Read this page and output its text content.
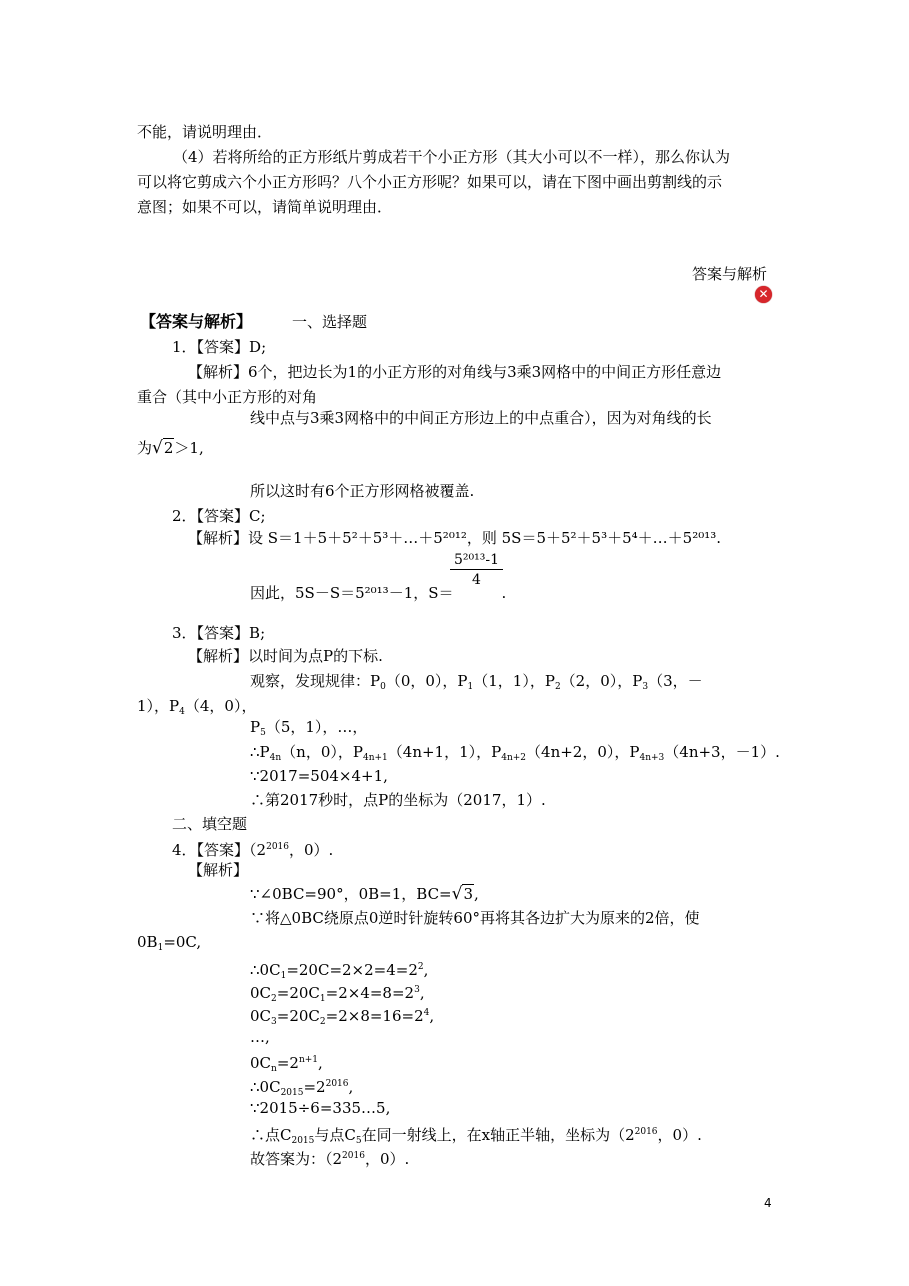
不能，请说明理由．
（4）若将所给的正方形纸片剪成若干个小正方形（其大小可以不一样），那么你认为
可以将它剪成六个小正方形吗？八个小正方形呢？如果可以，请在下图中画出剪割线的示
意图；如果不可以，请简单说明理由．
答案与解析
✕
【答案与解析】	一、选择题
1．【答案】D;
【解析】6个，把边长为1的小正方形的对角线与3乘3网格中的中间正方形任意边
重合（其中小正方形的对角
线中点与3乘3网格中的中间正方形边上的中点重合），因为对角线的长
为√2＞1,
所以这时有6个正方形网格被覆盖.
2．【答案】C;
【解析】设 S＝1＋5＋5²＋5³＋…＋5²⁰¹²，则 5S＝5＋5²＋5³＋5⁴＋…＋5²⁰¹³.
$\frac{\text{5²⁰¹³-1}}{4}$
因此，5S－S＝5²⁰¹³－1，S＝	.
3．【答案】B;
【解析】以时间为点P的下标.
观察，发现规律：$P_0(0$，0），$P_1(1$，1），$P_2(2$，0），$P_3(3$，－
1），$P_4(4$，0），
$P_5(5$，1），…，
$\therefore P_{4n}(n$，0），$P_{4n+1}(4n+1$，1），$P_{4n+2}(4n+2$，0），$P_{4n+3}(4n+3$，－1）.
∵2017=504×4+1,
∴第2017秒时，点P的坐标为（2017，1）.
二、填空题
4．【答案】（$2^{2016}$，0）.
【解析】
∵∠0BC=90°，0B=1，BC=√3,
∵将△0BC绕原点0逆时针旋转60°再将其各边扩大为原来的2倍，使
$0B_1=0C$,
$\therefore 0C_1=20C=2\times 2=4=2^2$,
$0C_2=20C_1=2\times 4=8=2^3$,
$0C_3=20C_2=2\times 8=16=2^4$,
…,
$0C_n=2^{n+1}$,
$\therefore 0C_{2015}=2^{2016}$,
∵2015÷6=335…5,
∴点$C_{2015}$与点$C_5$在同一射线上，在x轴正半轴，坐标为（$2^{2016}$，0）.
故答案为：（$2^{2016}$，0）.
4
